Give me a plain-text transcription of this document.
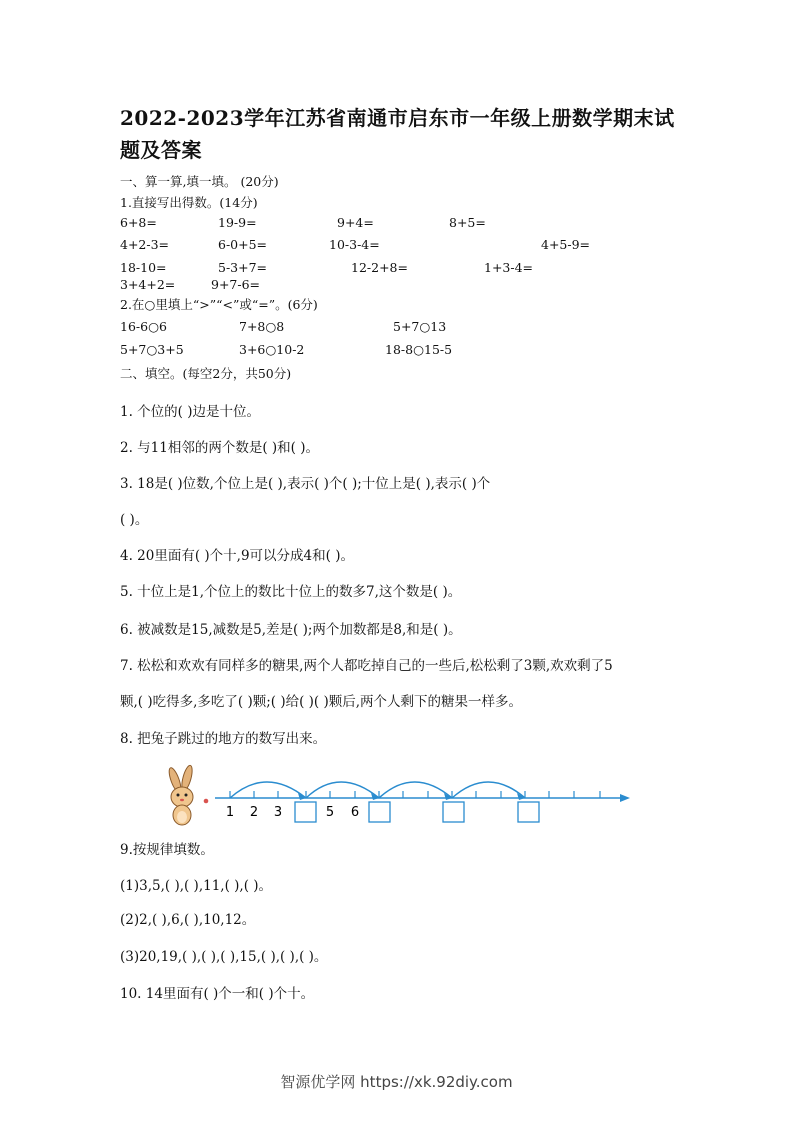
2022-2023学年江苏省南通市启东市一年级上册数学期末试
题及答案
一、算一算,填一填。 (20分)
1.直接写出得数。(14分)
6+8=	19-9=	9+4=	8+5=
4+2-3=	6-0+5=	10-3-4=	4+5-9=
18-10=	5-3+7=	12-2+8=	1+3-4=
3+4+2=	9+7-6=
2.在○里填上“>”“<”或“=”。(6分)
16-6○6	7+8○8	5+7○13
5+7○3+5	3+6○10-2	18-8○15-5
二、填空。(每空2分，共50分)
1. 个位的( )边是十位。
2. 与11相邻的两个数是( )和( )。
3. 18是( )位数,个位上是( ),表示( )个( );十位上是( ),表示( )个
( )。
4. 20里面有( )个十,9可以分成4和( )。
5. 十位上是1,个位上的数比十位上的数多7,这个数是( )。
6. 被减数是15,减数是5,差是( );两个加数都是8,和是( )。
7. 松松和欢欢有同样多的糖果,两个人都吃掉自己的一些后,松松剩了3颗,欢欢剩了5
颗,( )吃得多,多吃了( )颗;( )给( )( )颗后,两个人剩下的糖果一样多。
8. 把兔子跳过的地方的数写出来。
1 2 3	5 6
9.按规律填数。
(1)3,5,( ),( ),11,( ),( )。
(2)2,( ),6,( ),10,12。
(3)20,19,( ),( ),( ),15,( ),( ),( )。
10. 14里面有( )个一和( )个十。
智源优学网 https://xk.92diy.com
